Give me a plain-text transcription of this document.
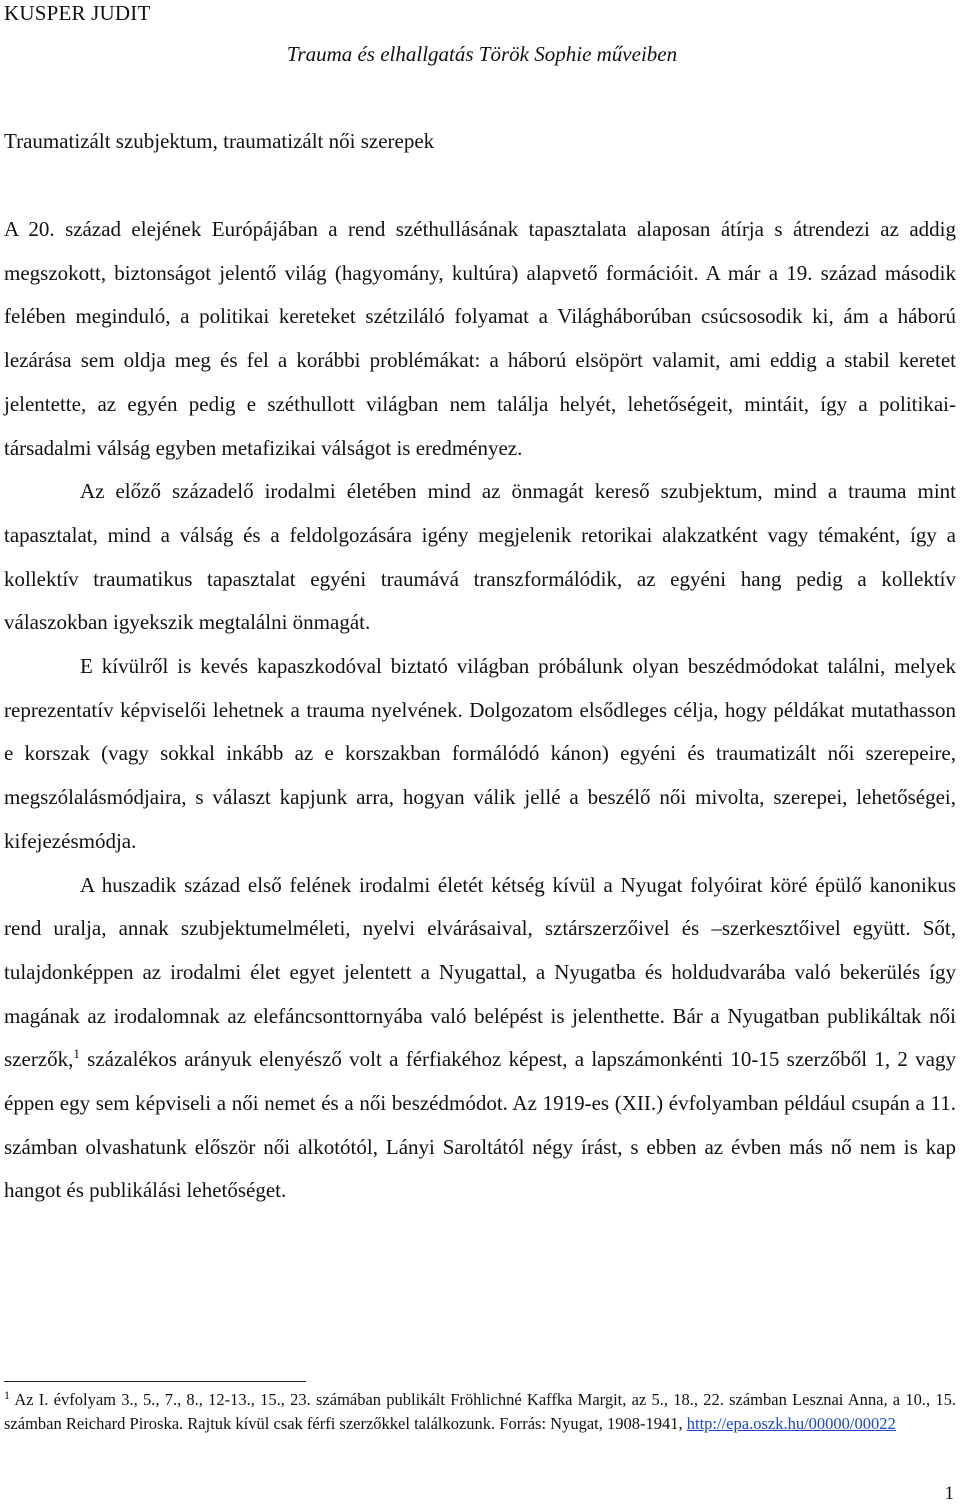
KUSPER JUDIT
Trauma és elhallgatás Török Sophie műveiben
Traumatizált szubjektum, traumatizált női szerepek

A 20. század elejének Európájában a rend széthullásának tapasztalata alaposan átírja s átrendezi az addig megszokott, biztonságot jelentő világ (hagyomány, kultúra) alapvető formációit. A már a 19. század második felében meginduló, a politikai kereteket szétziláló folyamat a Világháborúban csúcsosodik ki, ám a háború lezárása sem oldja meg és fel a korábbi problémákat: a háború elsöpört valamit, ami eddig a stabil keretet jelentette, az egyén pedig e széthullott világban nem találja helyét, lehetőségeit, mintáit, így a politikai-társadalmi válság egyben metafizikai válságot is eredményez.

Az előző századelő irodalmi életében mind az önmagát kereső szubjektum, mind a trauma mint tapasztalat, mind a válság és a feldolgozására igény megjelenik retorikai alakzatként vagy témaként, így a kollektív traumatikus tapasztalat egyéni traumává transzformálódik, az egyéni hang pedig a kollektív válaszokban igyekszik megtalálni önmagát.

E kívülről is kevés kapaszkodóval biztató világban próbálunk olyan beszédmódokat találni, melyek reprezentatív képviselői lehetnek a trauma nyelvének. Dolgozatom elsődleges célja, hogy példákat mutathasson e korszak (vagy sokkal inkább az e korszakban formálódó kánon) egyéni és traumatizált női szerepeire, megszólalásmódjaira, s választ kapjunk arra, hogyan válik jellé a beszélő női mivolta, szerepei, lehetőségei, kifejezésmódja.

A huszadik század első felének irodalmi életét kétség kívül a Nyugat folyóirat köré épülő kanonikus rend uralja, annak szubjektumelméleti, nyelvi elvárásaival, sztárszerzőivel és –szerkesztőivel együtt. Sőt, tulajdonképpen az irodalmi élet egyet jelentett a Nyugattal, a Nyugatba és holdudvarába való bekerülés így magának az irodalomnak az elefáncsonttornyába való belépést is jelenthette. Bár a Nyugatban publikáltak női szerzők,$^1$ százalékos arányuk elenyésző volt a férfiakéhoz képest, a lapszámonkénti 10-15 szerzőből 1, 2 vagy éppen egy sem képviseli a női nemet és a női beszédmódot. Az 1919-es (XII.) évfolyamban például csupán a 11. számban olvashatunk először női alkotótól, Lányi Saroltától négy írást, s ebben az évben más nő nem is kap hangot és publikálási lehetőséget.

$^1$ Az I. évfolyam 3., 5., 7., 8., 12-13., 15., 23. számában publikált Fröhlichné Kaffka Margit, az 5., 18., 22. számban Lesznai Anna, a 10., 15. számban Reichard Piroska. Rajtuk kívül csak férfi szerzőkkel találkozunk. Forrás: Nyugat, 1908-1941, http://epa.oszk.hu/00000/00022

1
